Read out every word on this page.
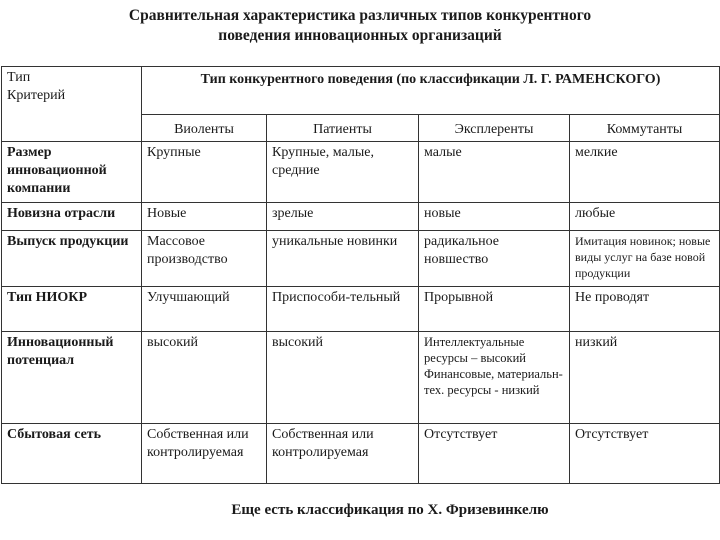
Сравнительная характеристика различных типов конкурентного
поведения инновационных организаций
Тип
Критерий	Тип конкурентного поведения (по классификации Л. Г. РАМЕНСКОГО)			
	Виоленты	Патиенты	Эксплеренты	Коммутанты
Размер инновационной компании	Крупные	Крупные, малые, средние	малые	мелкие
Новизна отрасли	Новые	зрелые	новые	любые
Выпуск продукции	Массовое производство	уникальные новинки	радикальное новшество	Имитация новинок; новые виды услуг на базе новой продукции
Тип НИОКР	Улучшающий	Приспособи-тельный	Прорывной	Не проводят
Инновационный потенциал	высокий	высокий	Интеллектуальные ресурсы – высокий Финансовые, материальн-тех. ресурсы - низкий	низкий
Сбытовая сеть	Собственная или контролируемая	Собственная или контролируемая	Отсутствует	Отсутствует
Еще есть классификация по Х. Фризевинкелю
